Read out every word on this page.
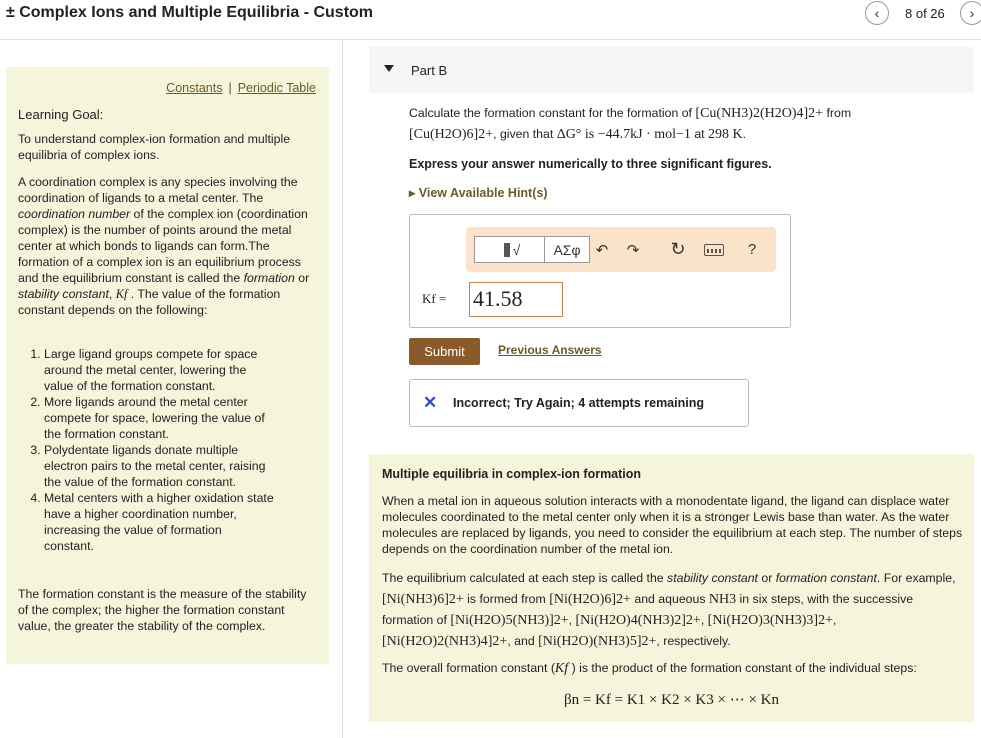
± Complex Ions and Multiple Equilibria - Custom	‹	8 of 26	›
Constants | Periodic Table
Learning Goal:
To understand complex-ion formation and multiple equilibria of complex ions.
A coordination complex is any species involving the coordination of ligands to a metal center. The coordination number of the complex ion (coordination complex) is the number of points around the metal center at which bonds to ligands can form.The formation of a complex ion is an equilibrium process and the equilibrium constant is called the formation or stability constant, Kf . The value of the formation constant depends on the following:
1. Large ligand groups compete for space around the metal center, lowering the value of the formation constant.
2. More ligands around the metal center compete for space, lowering the value of the formation constant.
3. Polydentate ligands donate multiple electron pairs to the metal center, raising the value of the formation constant.
4. Metal centers with a higher oxidation state have a higher coordination number, increasing the value of formation constant.
The formation constant is the measure of the stability of the complex; the higher the formation constant value, the greater the stability of the complex.
Part B
Calculate the formation constant for the formation of [Cu(NH3)2(H2O)4]2+ from
[Cu(H2O)6]2+, given that ΔG° is −44.7kJ · mol−1 at 298 K.
Express your answer numerically to three significant figures.
▸ View Available Hint(s)
√	ΑΣφ	↶	↷	↻	?
Kf = 41.58
Submit	Previous Answers
✕ Incorrect; Try Again; 4 attempts remaining
Multiple equilibria in complex-ion formation
When a metal ion in aqueous solution interacts with a monodentate ligand, the ligand can displace water molecules coordinated to the metal center only when it is a stronger Lewis base than water. As the water molecules are replaced by ligands, you need to consider the equilibrium at each step. The number of steps depends on the coordination number of the metal ion.
The equilibrium calculated at each step is called the stability constant or formation constant. For example, [Ni(NH3)6]2+ is formed from [Ni(H2O)6]2+ and aqueous NH3 in six steps, with the successive formation of [Ni(H2O)5(NH3)]2+, [Ni(H2O)4(NH3)2]2+, [Ni(H2O)3(NH3)3]2+, [Ni(H2O)2(NH3)4]2+, and [Ni(H2O)(NH3)5]2+, respectively.
The overall formation constant (Kf ) is the product of the formation constant of the individual steps:
βn = Kf = K1 × K2 × K3 × ⋯ × Kn
